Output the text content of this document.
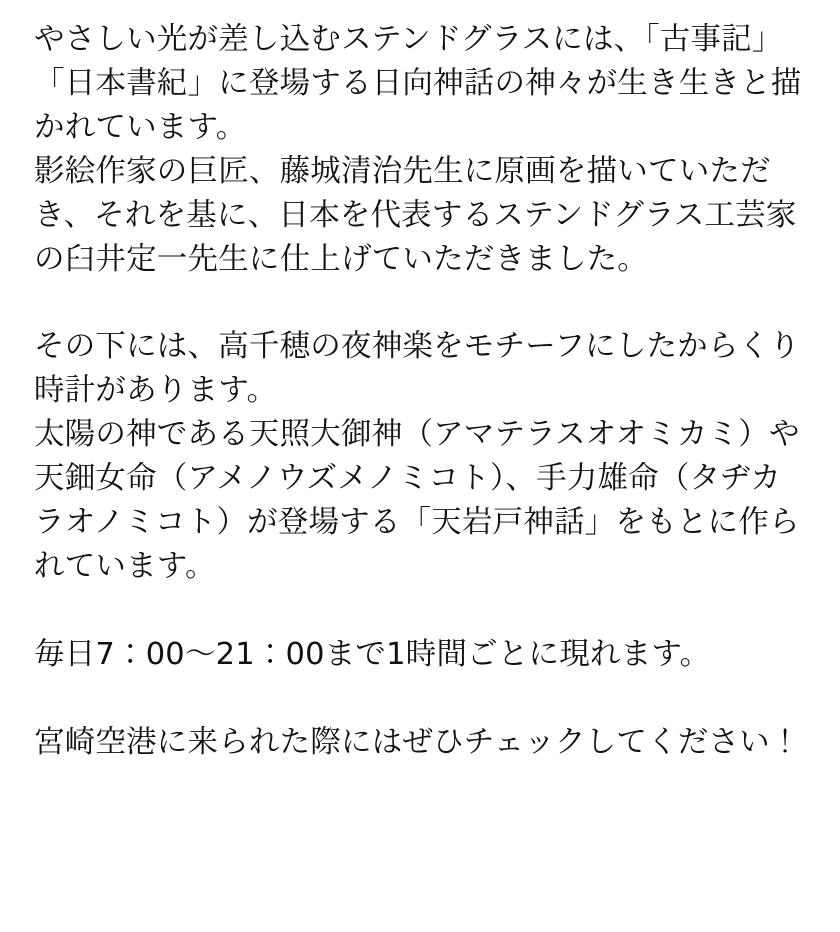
やさしい光が差し込むステンドグラスには、「古事記」「日本書紀」に登場する日向神話の神々が生き生きと描かれています。

影絵作家の巨匠、藤城清治先生に原画を描いていただき、それを基に、日本を代表するステンドグラス工芸家の臼井定一先生に仕上げていただきました。

その下には、高千穂の夜神楽をモチーフにしたからくり時計があります。

太陽の神である天照大御神（アマテラスオオミカミ）や天鈿女命（アメノウズメノミコト）、手力雄命（タヂカラオノミコト）が登場する「天岩戸神話」をもとに作られています。

毎日7：00〜21：00まで1時間ごとに現れます。

宮崎空港に来られた際にはぜひチェックしてください！
